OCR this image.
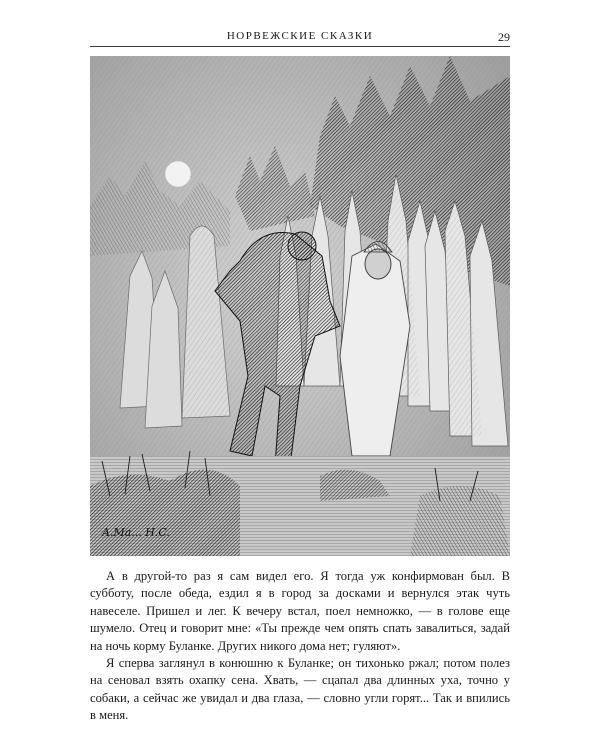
НОРВЕЖСКИЕ СКАЗКИ	29
A.Ma... H.C.

А в другой-то раз я сам видел его. Я тогда уж конфирмован был. В субботу, после обеда, ездил я в город за досками и вернулся этак чуть навеселе. Пришел и лег. К вечеру встал, поел немножко, — в голове еще шумело. Отец и говорит мне: «Ты прежде чем опять спать завалиться, задай на ночь корму Буланке. Других никого дома нет; гуляют».

Я сперва заглянул в конюшню к Буланке; он тихонько ржал; потом полез на сеновал взять охапку сена. Хвать, — сцапал два длинных уха, точно у собаки, а сейчас же увидал и два глаза, — словно угли горят... Так и впились в меня.
